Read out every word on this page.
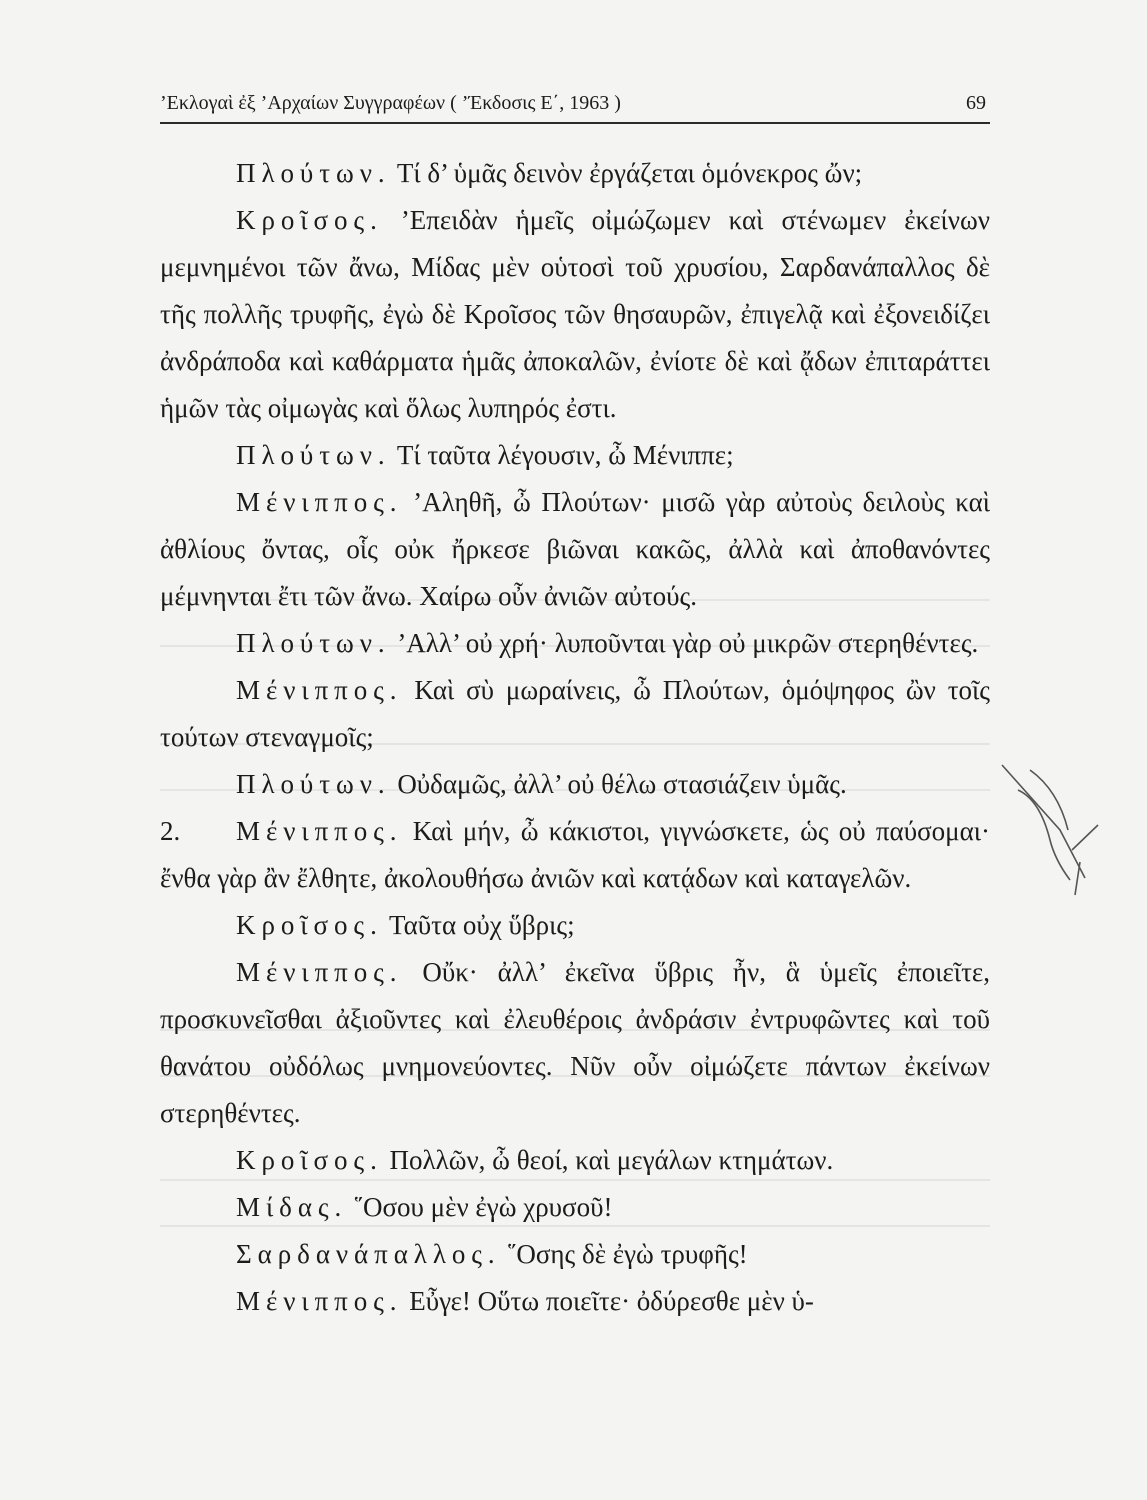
’Εκλογαὶ ἐξ ’Αρχαίων Συγγραφέων ( ’Έκδοσις Ε΄, 1963 )	69

Πλούτων. Τί δ’ ὑμᾶς δεινὸν ἐργάζεται ὁμόνεκρος ὤν;

Κροῖσος. ’Επειδὰν ἡμεῖς οἰμώζωμεν καὶ στένωμεν ἐκείνων μεμνημένοι τῶν ἄνω, Μίδας μὲν οὑτοσὶ τοῦ χρυσίου, Σαρδανάπαλλος δὲ τῆς πολλῆς τρυφῆς, ἐγὼ δὲ Κροῖσος τῶν θησαυρῶν, ἐπιγελᾷ καὶ ἐξονειδίζει ἀνδράποδα καὶ καθάρματα ἡμᾶς ἀποκαλῶν, ἐνίοτε δὲ καὶ ᾄδων ἐπιταράττει ἡμῶν τὰς οἰμωγὰς καὶ ὅλως λυπηρός ἐστι.

Πλούτων. Τί ταῦτα λέγουσιν, ὦ Μένιππε;

Μένιππος. ’Αληθῆ, ὦ Πλούτων· μισῶ γὰρ αὐτοὺς δειλοὺς καὶ ἀθλίους ὄντας, οἷς οὐκ ἤρκεσε βιῶναι κακῶς, ἀλλὰ καὶ ἀποθανόντες μέμνηνται ἔτι τῶν ἄνω. Χαίρω οὖν ἀνιῶν αὐτούς.

Πλούτων. ’Αλλ’ οὐ χρή· λυποῦνται γὰρ οὐ μικρῶν στερηθέντες.

Μένιππος. Καὶ σὺ μωραίνεις, ὦ Πλούτων, ὁμόψηφος ὢν τοῖς τούτων στεναγμοῖς;

Πλούτων. Οὐδαμῶς, ἀλλ’ οὐ θέλω στασιάζειν ὑμᾶς.

2. Μένιππος. Καὶ μήν, ὦ κάκιστοι, γιγνώσκετε, ὡς οὐ παύσομαι· ἔνθα γὰρ ἂν ἔλθητε, ἀκολουθήσω ἀνιῶν καὶ κατᾴδων καὶ καταγελῶν.

Κροῖσος. Ταῦτα οὐχ ὕβρις;

Μένιππος. Οὔκ· ἀλλ’ ἐκεῖνα ὕβρις ἦν, ἃ ὑμεῖς ἐποιεῖτε, προσκυνεῖσθαι ἀξιοῦντες καὶ ἐλευθέροις ἀνδράσιν ἐντρυφῶντες καὶ τοῦ θανάτου οὐδόλως μνημονεύοντες. Νῦν οὖν οἰμώζετε πάντων ἐκείνων στερηθέντες.

Κροῖσος. Πολλῶν, ὦ θεοί, καὶ μεγάλων κτημάτων.

Μίδας. ῞Οσου μὲν ἐγὼ χρυσοῦ!

Σαρδανάπαλλος. ῞Οσης δὲ ἐγὼ τρυφῆς!

Μένιππος. Εὖγε! Οὕτω ποιεῖτε· ὀδύρεσθε μὲν ὑ-
